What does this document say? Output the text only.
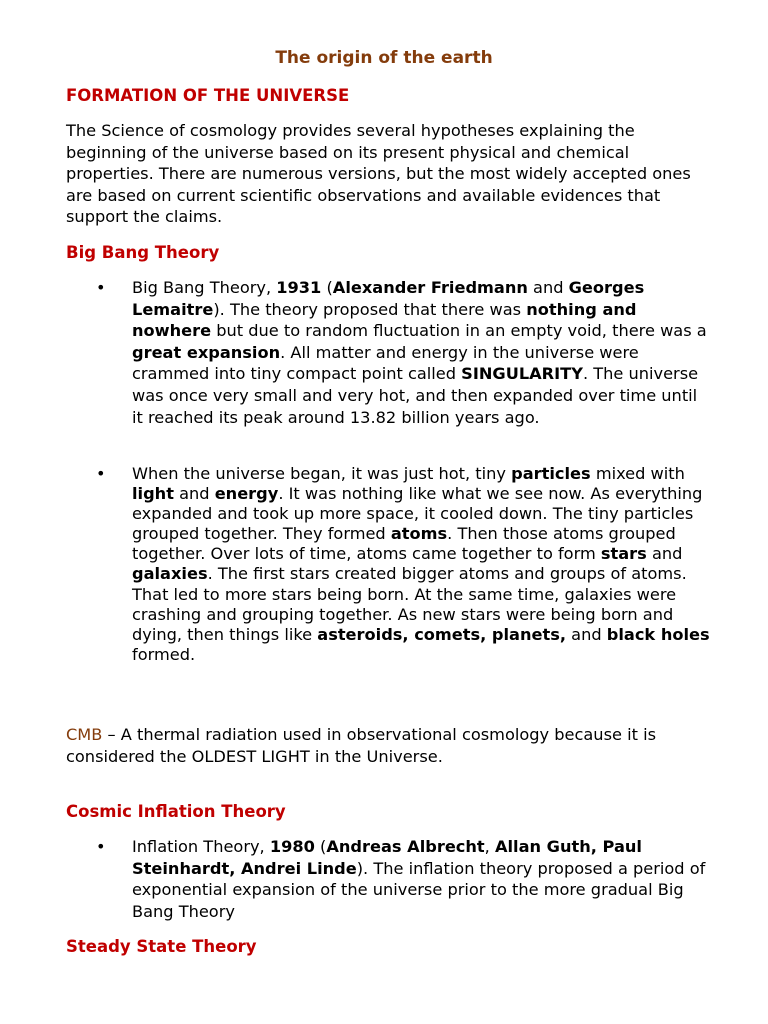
The origin of the earth
FORMATION OF THE UNIVERSE
The Science of cosmology provides several hypotheses explaining the beginning of the universe based on its present physical and chemical properties. There are numerous versions, but the most widely accepted ones are based on current scientific observations and available evidences that support the claims.
Big Bang Theory
• Big Bang Theory, 1931 (Alexander Friedmann and Georges Lemaitre). The theory proposed that there was nothing and nowhere but due to random fluctuation in an empty void, there was a great expansion. All matter and energy in the universe were crammed into tiny compact point called SINGULARITY. The universe was once very small and very hot, and then expanded over time until it reached its peak around 13.82 billion years ago.
• When the universe began, it was just hot, tiny particles mixed with light and energy. It was nothing like what we see now. As everything expanded and took up more space, it cooled down. The tiny particles grouped together. They formed atoms. Then those atoms grouped together. Over lots of time, atoms came together to form stars and galaxies. The first stars created bigger atoms and groups of atoms. That led to more stars being born. At the same time, galaxies were crashing and grouping together. As new stars were being born and dying, then things like asteroids, comets, planets, and black holes formed.
CMB – A thermal radiation used in observational cosmology because it is considered the OLDEST LIGHT in the Universe.
Cosmic Inflation Theory
• Inflation Theory, 1980 (Andreas Albrecht, Allan Guth, Paul Steinhardt, Andrei Linde). The inflation theory proposed a period of exponential expansion of the universe prior to the more gradual Big Bang Theory
Steady State Theory
